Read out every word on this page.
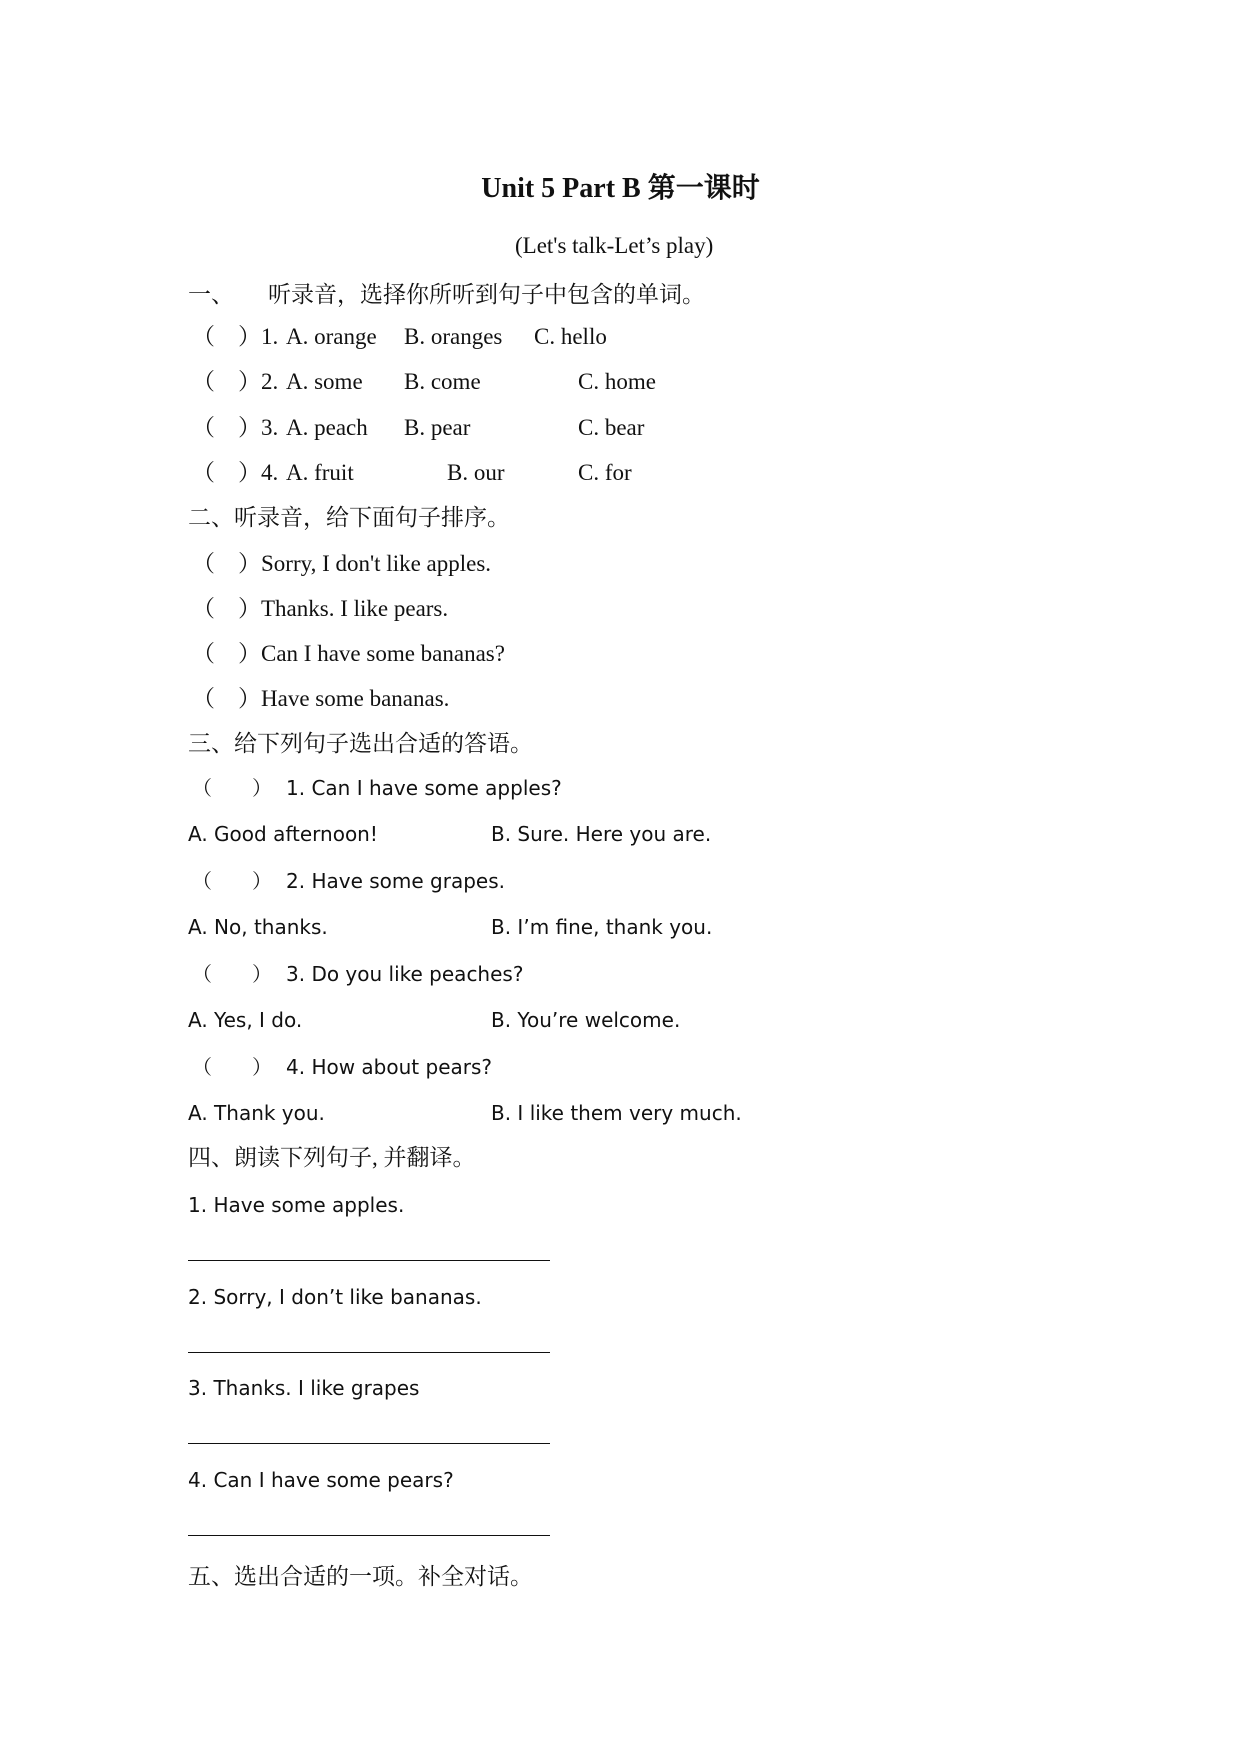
Unit 5 Part B 第一课时
(Let's talk-Let’s play)
一、 听录音，选择你所听到句子中包含的单词。
（　） 1. A. orange B. oranges C. hello
（　） 2. A. some B. come	C. home
（　） 3. A. peach B. pear	C. bear
（　） 4. A. fruit	B. our	C. for
二、听录音，给下面句子排序。
（　） Sorry, I don't like apples.
（　） Thanks. I like pears.
（　） Can I have some bananas?
（　） Have some bananas.
三、给下列句子选出合适的答语。
（　　） 1. Can I have some apples?
A. Good afternoon!	B. Sure. Here you are.
（　　） 2. Have some grapes.
A. No, thanks.	B. I’m fine, thank you.
（　　） 3. Do you like peaches?
A. Yes, I do.	B. You’re welcome.
（　　） 4. How about pears?
A. Thank you.	B. I like them very much.
四、朗读下列句子, 并翻译。
1. Have some apples.
2. Sorry, I don’t like bananas.
3. Thanks. I like grapes
4. Can I have some pears?
五、选出合适的一项。补全对话。
